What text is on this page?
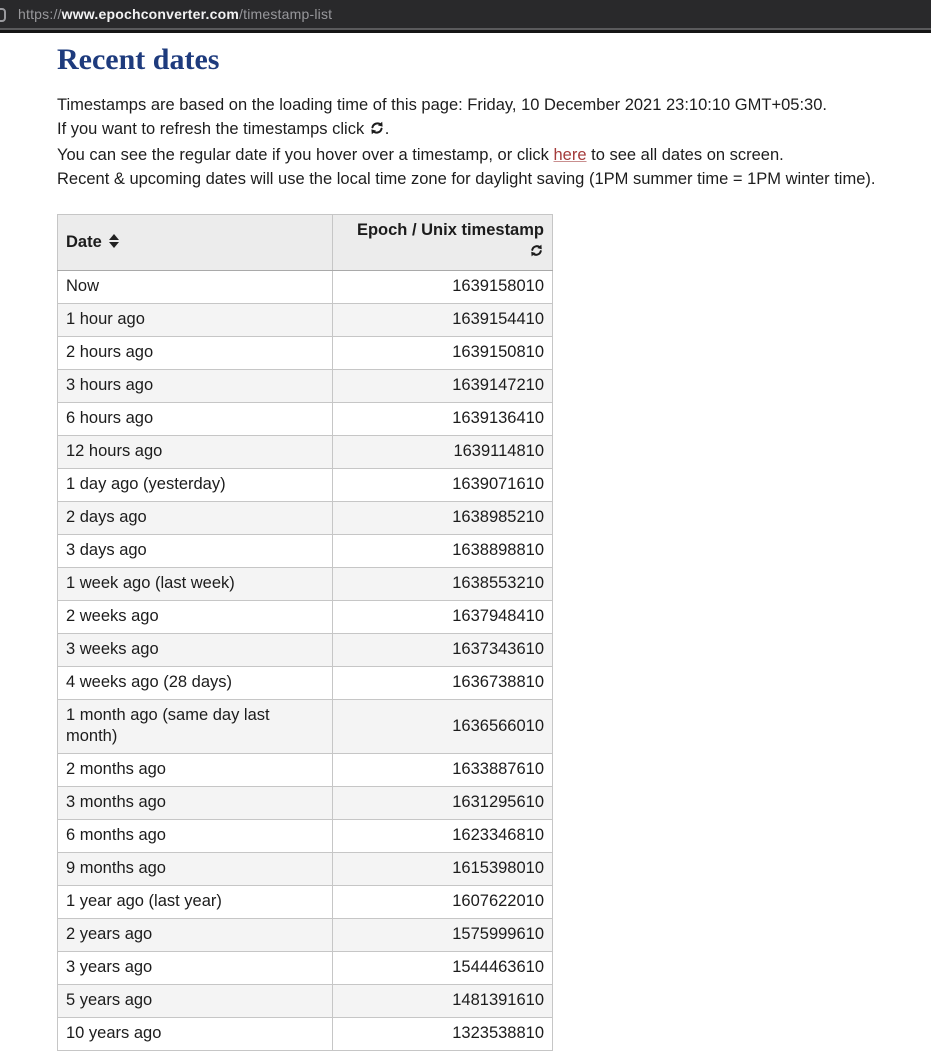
https://www.epochconverter.com/timestamp-list
Recent dates

Timestamps are based on the loading time of this page: Friday, 10 December 2021 23:10:10 GMT+05:30.

If you want to refresh the timestamps click .

You can see the regular date if you hover over a timestamp, or click here to see all dates on screen.

Recent & upcoming dates will use the local time zone for daylight saving (1PM summer time = 1PM winter time).

Date	Epoch / Unix timestamp
Now	1639158010
1 hour ago	1639154410
2 hours ago	1639150810
3 hours ago	1639147210
6 hours ago	1639136410
12 hours ago	1639114810
1 day ago (yesterday)	1639071610
2 days ago	1638985210
3 days ago	1638898810
1 week ago (last week)	1638553210
2 weeks ago	1637948410
3 weeks ago	1637343610
4 weeks ago (28 days)	1636738810
1 month ago (same day last month)	1636566010
2 months ago	1633887610
3 months ago	1631295610
6 months ago	1623346810
9 months ago	1615398010
1 year ago (last year)	1607622010
2 years ago	1575999610
3 years ago	1544463610
5 years ago	1481391610
10 years ago	1323538810
